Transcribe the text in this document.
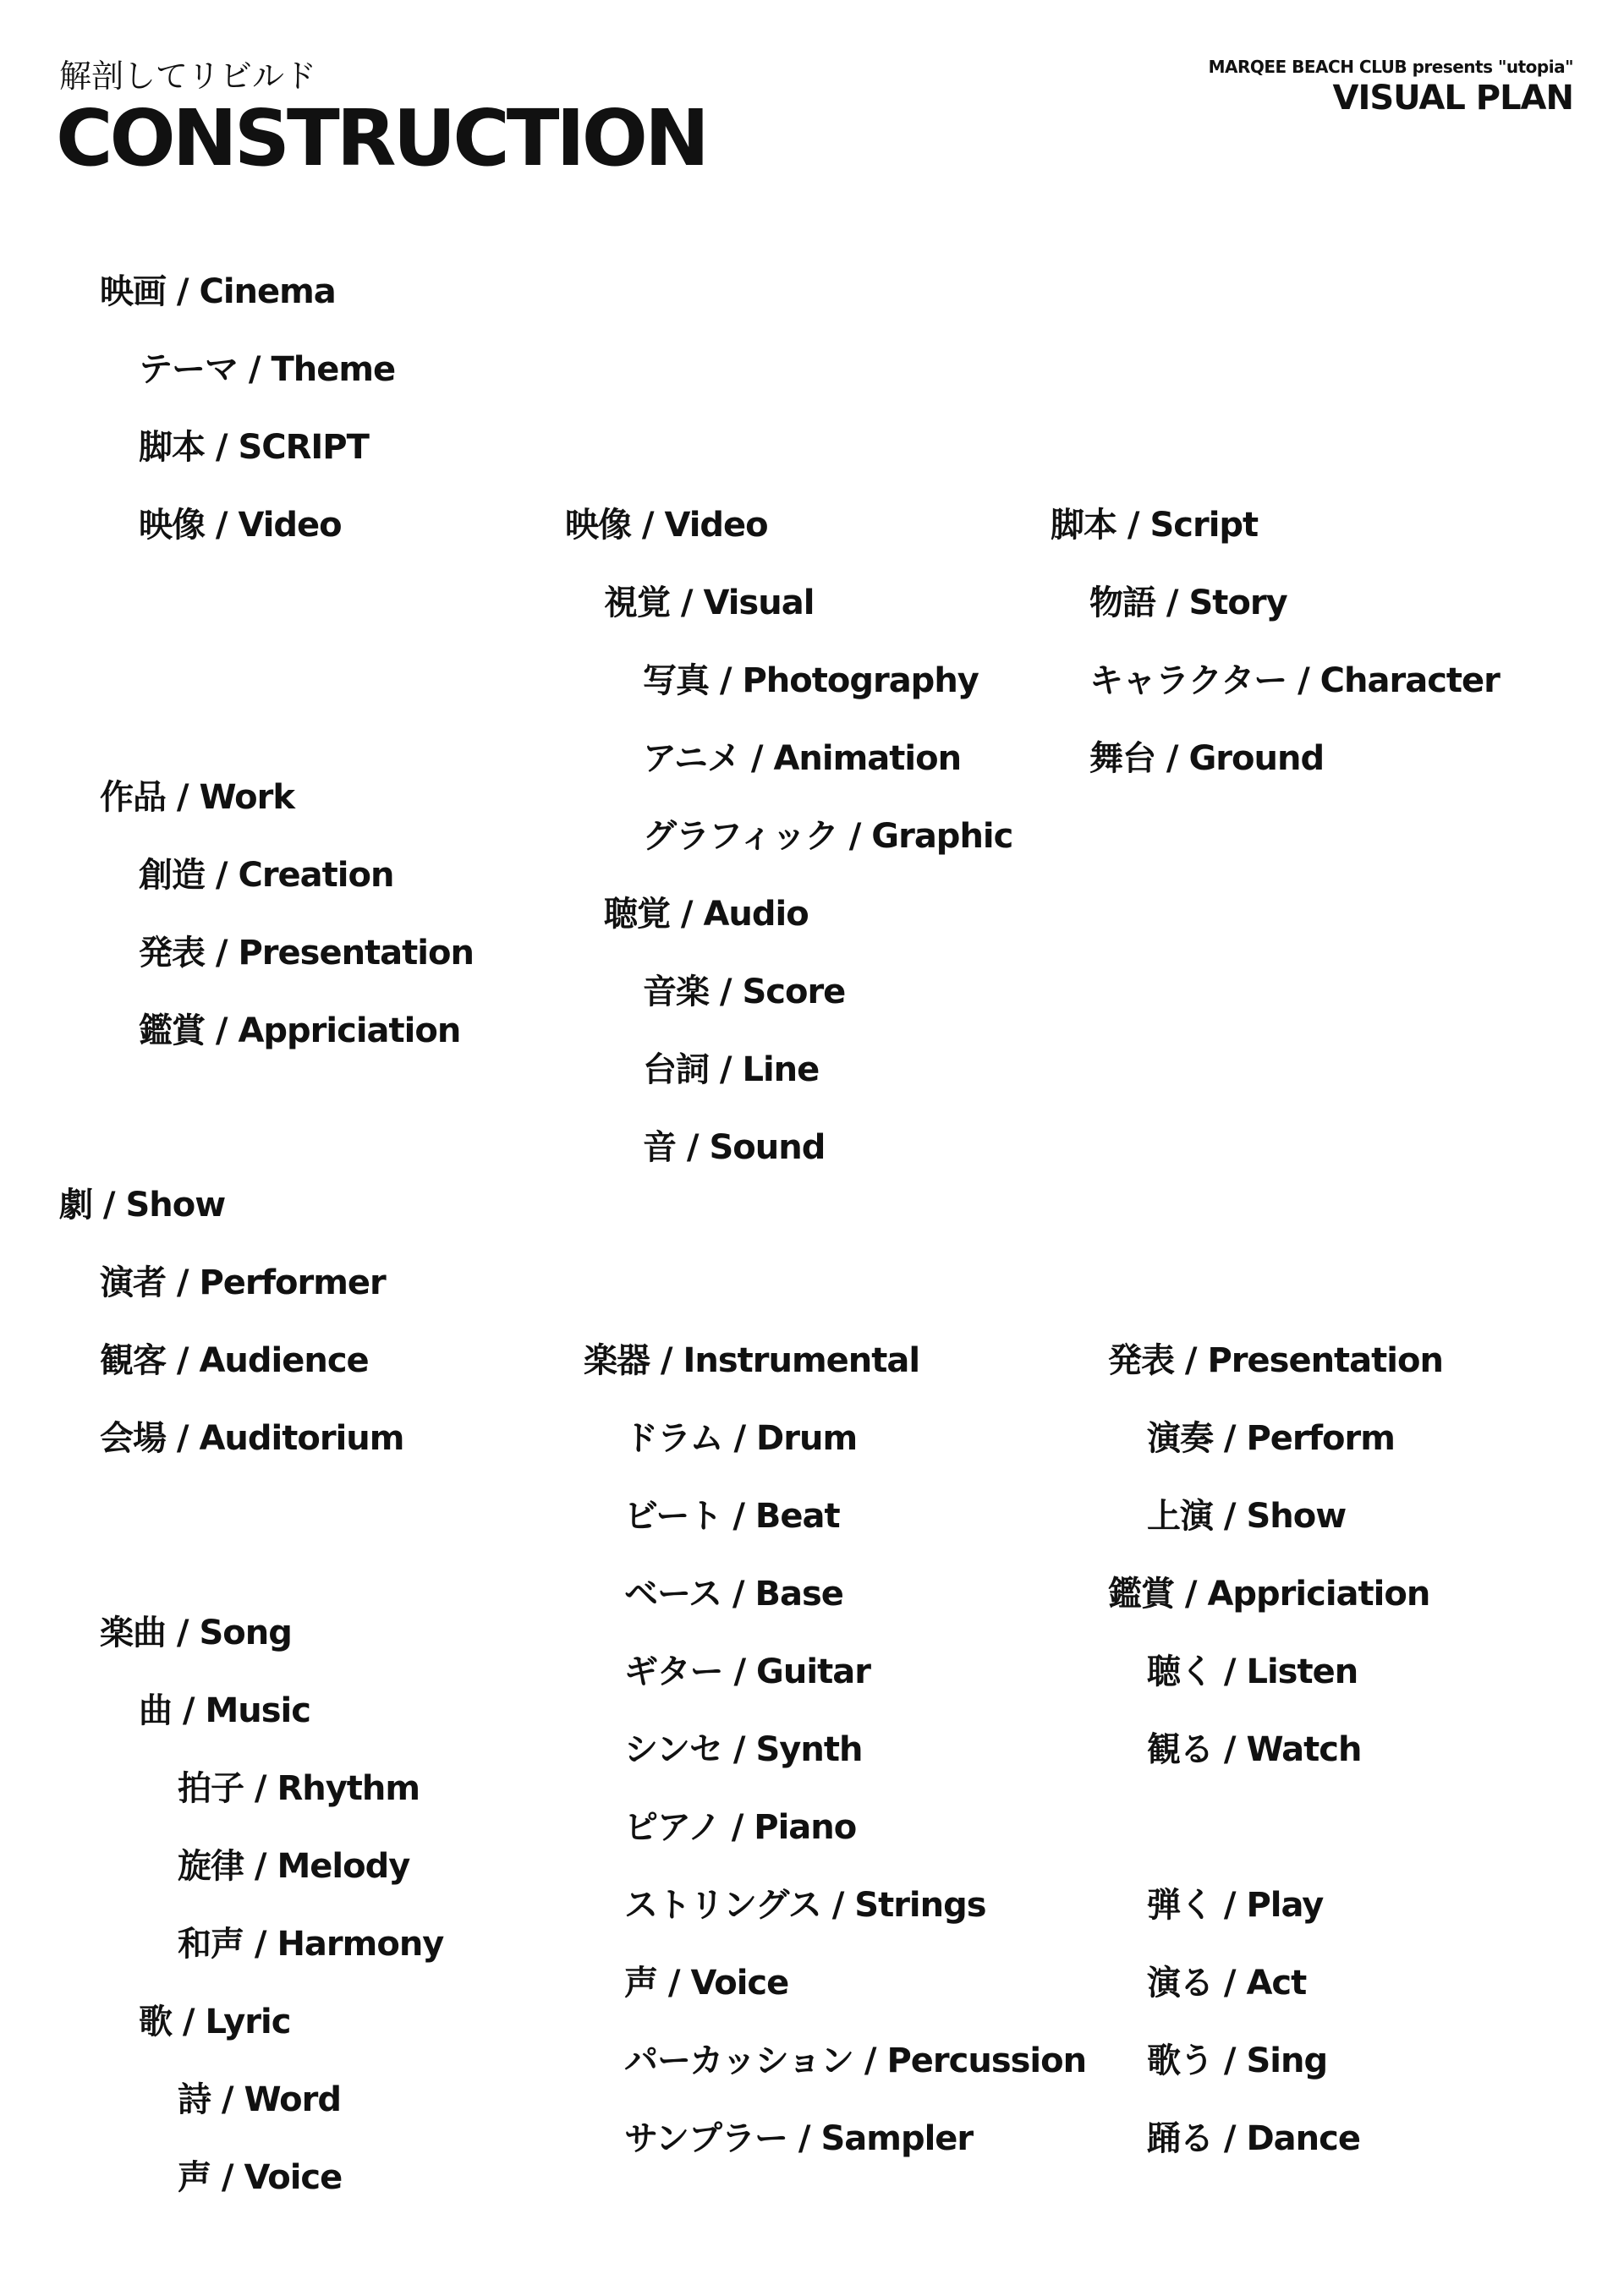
解剖してリビルド
CONSTRUCTION
MARQEE BEACH CLUB presents "utopia"
VISUAL PLAN
映画 / Cinema
テーマ / Theme
脚本 / SCRIPT
映像 / Video
作品 / Work
創造 / Creation
発表 / Presentation
鑑賞 / Appriciation
映像 / Video
視覚 / Visual
写真 / Photography
アニメ / Animation
グラフィック / Graphic
聴覚 / Audio
音楽 / Score
台詞 / Line
音 / Sound
脚本 / Script
物語 / Story
キャラクター / Character
舞台 / Ground
劇 / Show
演者 / Performer
観客 / Audience
会場 / Auditorium
楽曲 / Song
曲 / Music
拍子 / Rhythm
旋律 / Melody
和声 / Harmony
歌 / Lyric
詩 / Word
声 / Voice
楽器 / Instrumental
ドラム / Drum
ビート / Beat
ベース / Base
ギター / Guitar
シンセ / Synth
ピアノ / Piano
ストリングス / Strings
声 / Voice
パーカッション / Percussion
サンプラー / Sampler
発表 / Presentation
演奏 / Perform
上演 / Show
鑑賞 / Appriciation
聴く / Listen
観る / Watch
弾く / Play
演る / Act
歌う / Sing
踊る / Dance
